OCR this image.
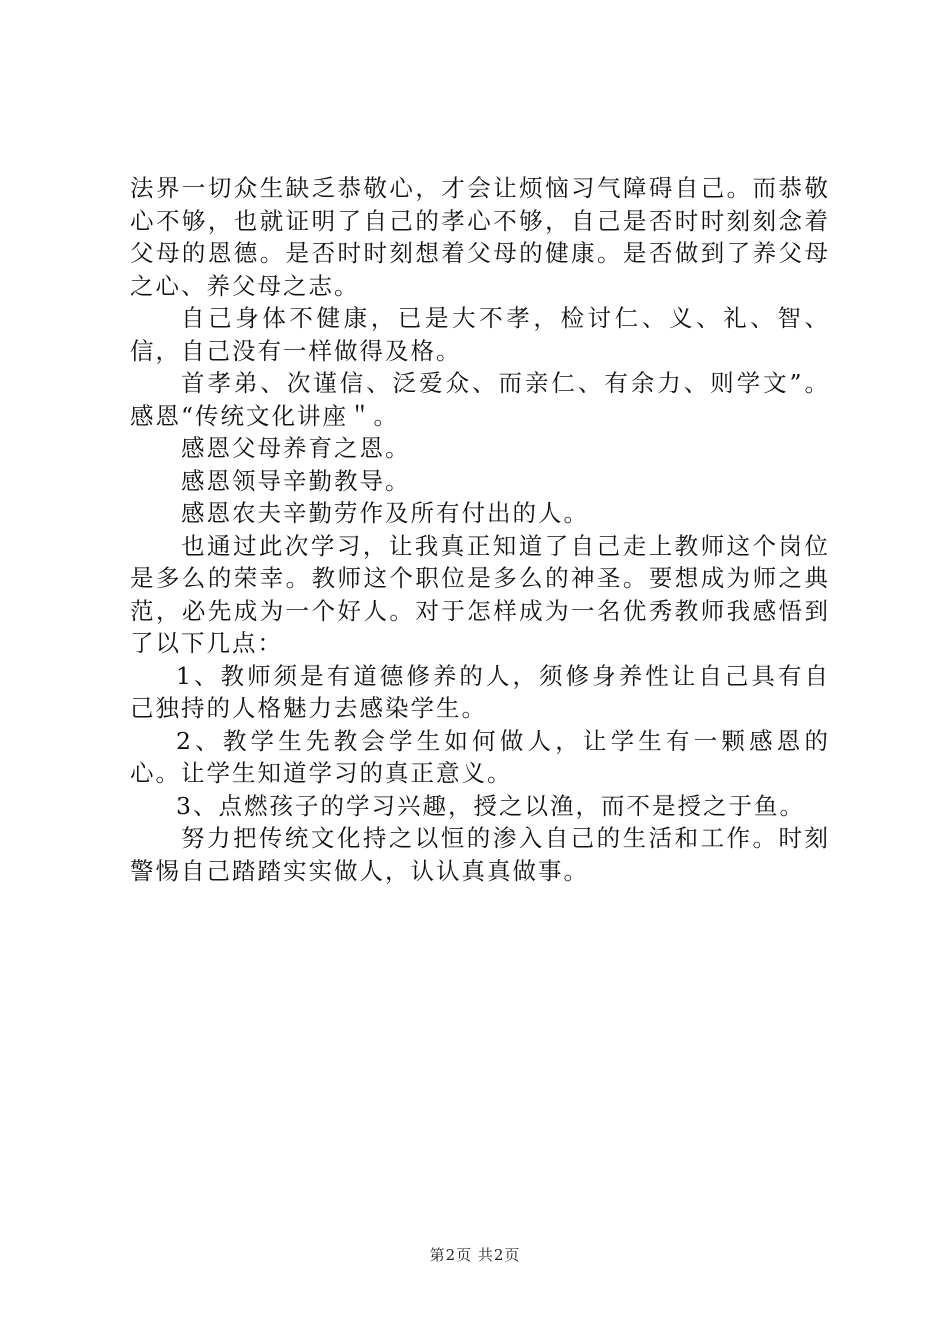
法界一切众生缺乏恭敬心，才会让烦恼习气障碍自己。而恭敬心不够，也就证明了自己的孝心不够，自己是否时时刻刻念着父母的恩德。是否时时刻想着父母的健康。是否做到了养父母之心、养父母之志。

自己身体不健康，已是大不孝，检讨仁、义、礼、智、信，自己没有一样做得及格。

首孝弟、次谨信、泛爱众、而亲仁、有余力、则学文”。感恩“传统文化讲座＂。

感恩父母养育之恩。

感恩领导辛勤教导。

感恩农夫辛勤劳作及所有付出的人。

也通过此次学习，让我真正知道了自己走上教师这个岗位是多么的荣幸。教师这个职位是多么的神圣。要想成为师之典范，必先成为一个好人。对于怎样成为一名优秀教师我感悟到了以下几点：

1、教师须是有道德修养的人，须修身养性让自己具有自己独持的人格魅力去感染学生。

2、教学生先教会学生如何做人，让学生有一颗感恩的心。让学生知道学习的真正意义。

3、点燃孩子的学习兴趣，授之以渔，而不是授之于鱼。

努力把传统文化持之以恒的渗入自己的生活和工作。时刻警惕自己踏踏实实做人，认认真真做事。

第2页 共2页
